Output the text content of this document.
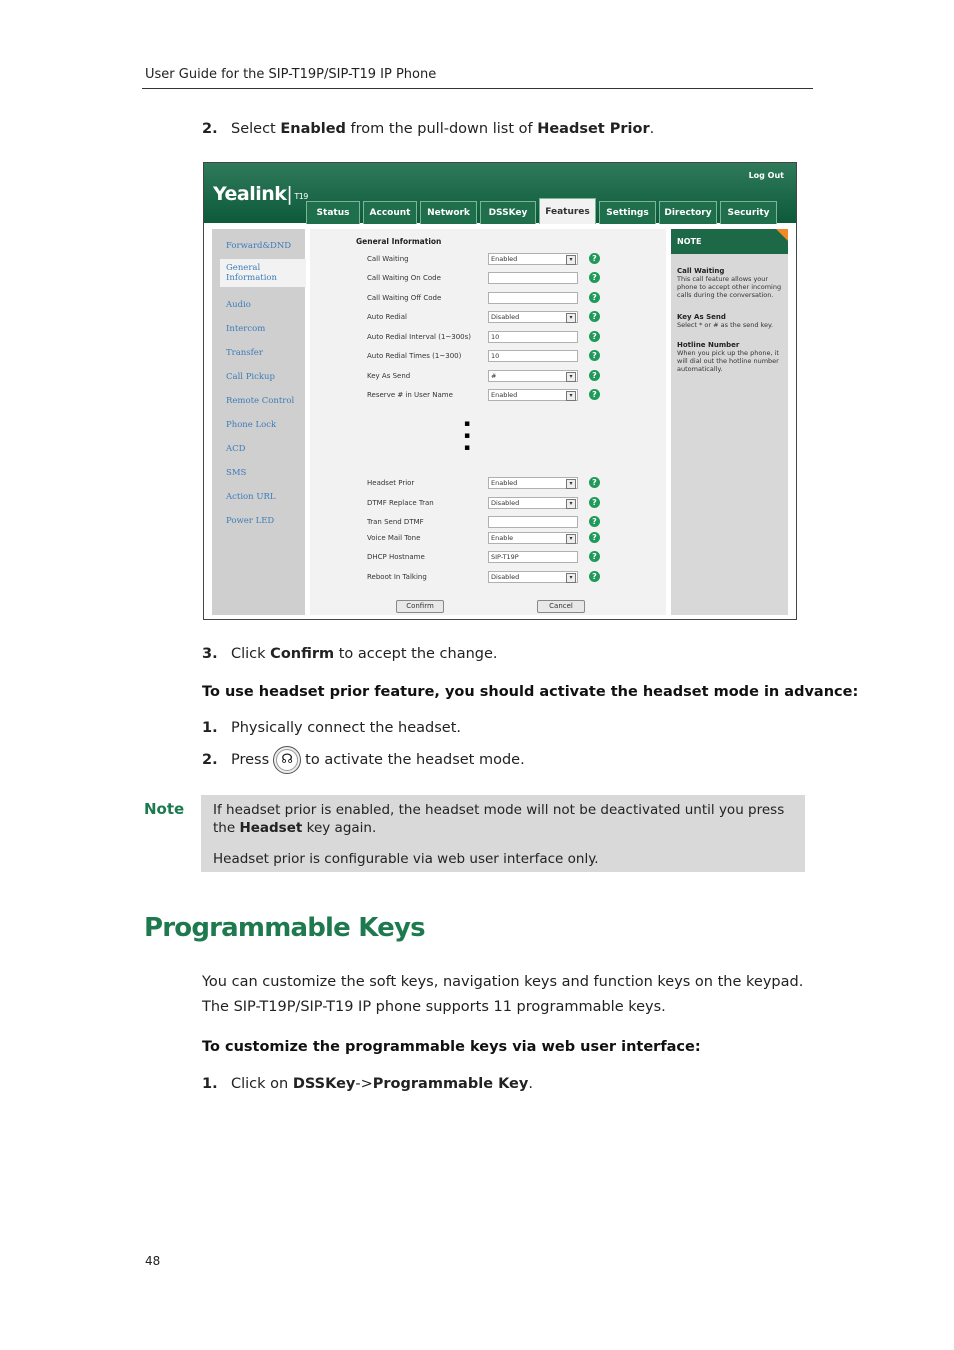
User Guide for the SIP-T19P/SIP-T19 IP Phone
2. Select Enabled from the pull-down list of Headset Prior.
Yealink| T19
Log Out
Status	Account	Network	DSSKey	Features	Settings	Directory	Security
Forward&DND
General Information
Audio
Intercom
Transfer
Call Pickup
Remote Control
Phone Lock
ACD
SMS
Action URL
Power LED
General Information
Call Waiting	Enabled	▾	?
Call Waiting On Code	?
Call Waiting Off Code	?
Auto Redial	Disabled	▾	?
Auto Redial Interval (1~300s)	10	?
Auto Redial Times (1~300)	10	?
Key As Send	#	▾	?
Reserve # in User Name	Enabled	▾	?
▪
▪
▪
Headset Prior	Enabled	▾	?
DTMF Replace Tran	Disabled	▾	?
Tran Send DTMF	?
Voice Mail Tone	Enable	▾	?
DHCP Hostname	SIP-T19P	?
Reboot In Talking	Disabled	▾	?
Confirm	Cancel
NOTE
Call Waiting
This call feature allows your phone to accept other incoming calls during the conversation.
Key As Send
Select * or # as the send key.
Hotline Number
When you pick up the phone, it will dial out the hotline number automatically.
3. Click Confirm to accept the change.
To use headset prior feature, you should activate the headset mode in advance:
1. Physically connect the headset.
2. Press ☊ to activate the headset mode.
Note If headset prior is enabled, the headset mode will not be deactivated until you press the Headset key again.

Headset prior is configurable via web user interface only.

Programmable Keys
You can customize the soft keys, navigation keys and function keys on the keypad. The SIP-T19P/SIP-T19 IP phone supports 11 programmable keys.
To customize the programmable keys via web user interface:
1. Click on DSSKey->Programmable Key.
48
